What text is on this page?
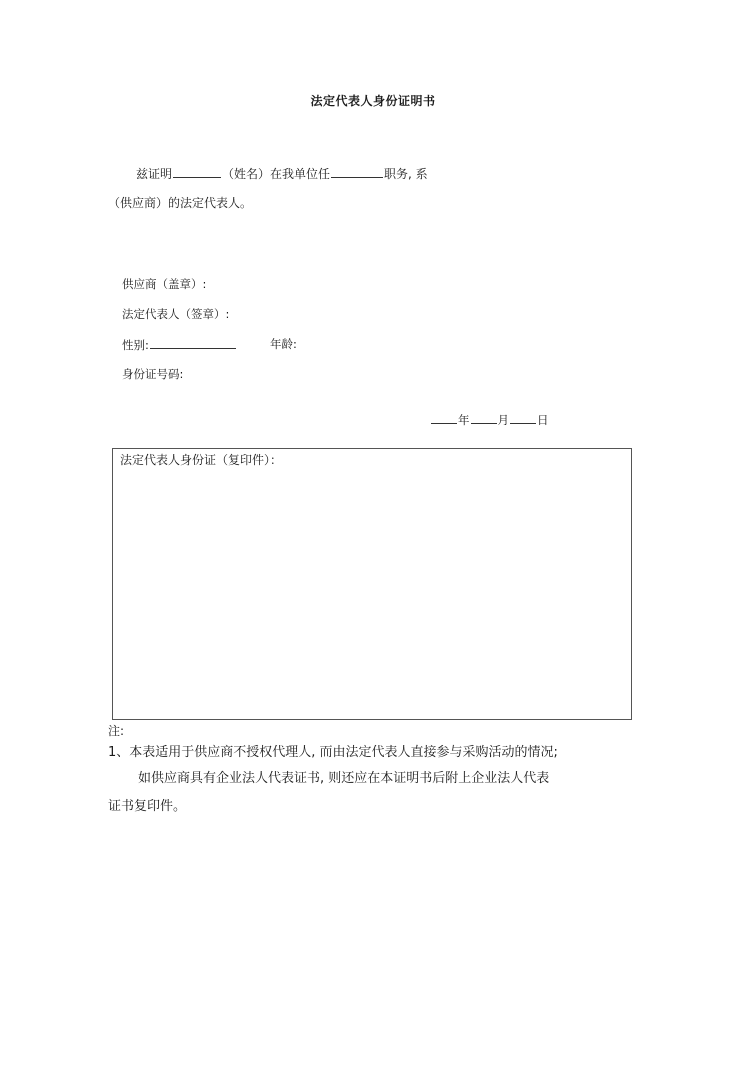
法定代表人身份证明书
兹证明	（姓名）在我单位任	职务, 系
（供应商）的法定代表人。
供应商（盖章）:
法定代表人（签章）:
性别:	年龄:
身份证号码:
年 月 日
法定代表人身份证（复印件）：
注:
1、本表适用于供应商不授权代理人, 而由法定代表人直接参与采购活动的情况;
如供应商具有企业法人代表证书, 则还应在本证明书后附上企业法人代表
证书复印件。
